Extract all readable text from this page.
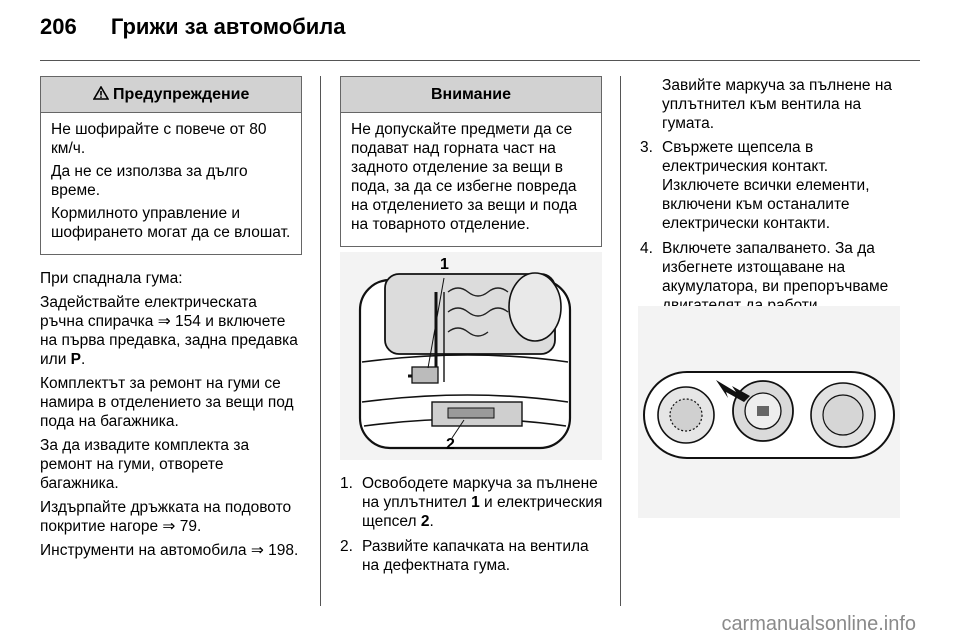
206 Грижи за автомобила
Предупреждение

Не шофирайте с повече от 80 км/ч.

Да не се използва за дълго време.

Кормилното управление и шофирането могат да се влошат.

При спаднала гума:

Задействайте електрическата ръчна спирачка ⇒ 154 и включете на първа предавка, задна предавка или P.

Комплектът за ремонт на гуми се намира в отделението за вещи под пода на багажника.

За да извадите комплекта за ремонт на гуми, отворете багажника.

Издърпайте дръжката на подовото покритие нагоре ⇒ 79.

Инструменти на автомобила ⇒ 198.

Внимание

Не допускайте предмети да се подават над горната част на задното отделение за вещи в пода, за да се избегне повреда на отделението за вещи и пода на товарното отделение.

1
2
1. Освободете маркуча за пълнене на уплътнител 1 и електрическия щепсел 2.
2. Развийте капачката на вентила на дефектната гума.

Завийте маркуча за пълнене на уплътнител към вентила на гумата.

3. Свържете щепсела в електрическия контакт. Изключете всички елементи, включени към останалите електрически контакти.
4. Включете запалването. За да избегнете изтощаване на акумулатора, ви препоръчваме
carmanualsonline.info
